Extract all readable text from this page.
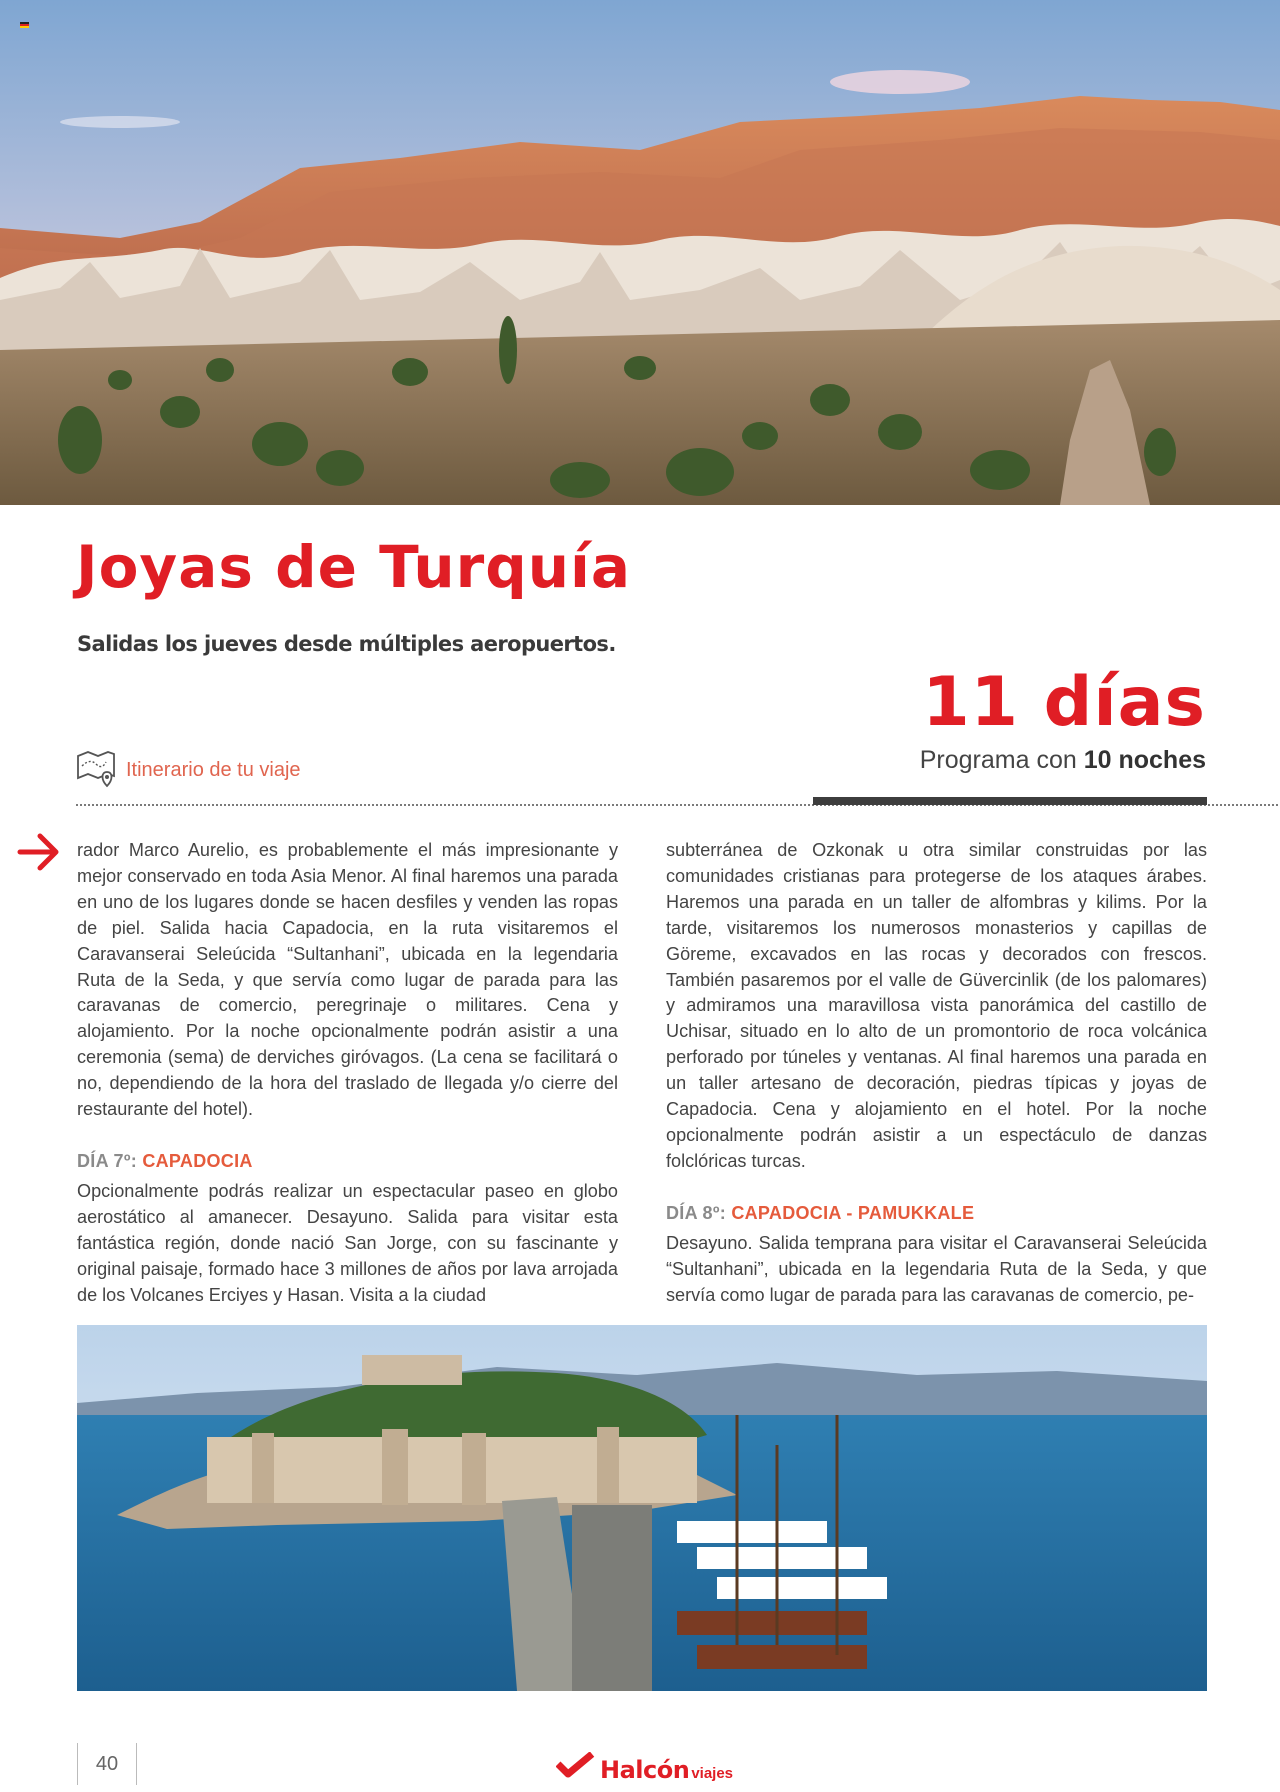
Joyas de Turquía
Salidas los jueves desde múltiples aeropuertos.
11 días
Programa con 10 noches
Itinerario de tu viaje

rador Marco Aurelio, es probablemente el más impresionante y mejor conservado en toda Asia Menor. Al final haremos una parada en uno de los lugares donde se hacen desfiles y venden las ropas de piel. Salida hacia Capadocia, en la ruta visitaremos el Caravanserai Seleúcida “Sultanhani”, ubicada en la legendaria Ruta de la Seda, y que servía como lugar de parada para las caravanas de comercio, peregrinaje o militares. Cena y alojamiento. Por la noche opcionalmente podrán asistir a una ceremonia (sema) de derviches giróvagos. (La cena se facilitará o no, dependiendo de la hora del traslado de llegada y/o cierre del restaurante del hotel).

DÍA 7º: CAPADOCIA

Opcionalmente podrás realizar un espectacular paseo en globo aerostático al amanecer. Desayuno. Salida para visitar esta fantástica región, donde nació San Jorge, con su fascinante y original paisaje, formado hace 3 millones de años por lava arrojada de los Volcanes Erciyes y Hasan. Visita a la ciudad

subterránea de Ozkonak u otra similar construidas por las comunidades cristianas para protegerse de los ataques árabes. Haremos una parada en un taller de alfombras y kilims. Por la tarde, visitaremos los numerosos monasterios y capillas de Göreme, excavados en las rocas y decorados con frescos. También pasaremos por el valle de Güvercinlik (de los palomares) y admiramos una maravillosa vista panorámica del castillo de Uchisar, situado en lo alto de un promontorio de roca volcánica perforado por túneles y ventanas. Al final haremos una parada en un taller artesano de decoración, piedras típicas y joyas de Capadocia. Cena y alojamiento en el hotel. Por la noche opcionalmente podrán asistir a un espectáculo de danzas folclóricas turcas.

DÍA 8º: CAPADOCIA - PAMUKKALE

Desayuno. Salida temprana para visitar el Caravanserai Seleúcida “Sultanhani”, ubicada en la legendaria Ruta de la Seda, y que servía como lugar de parada para las caravanas de comercio, pe-

40	Halcón viajes
